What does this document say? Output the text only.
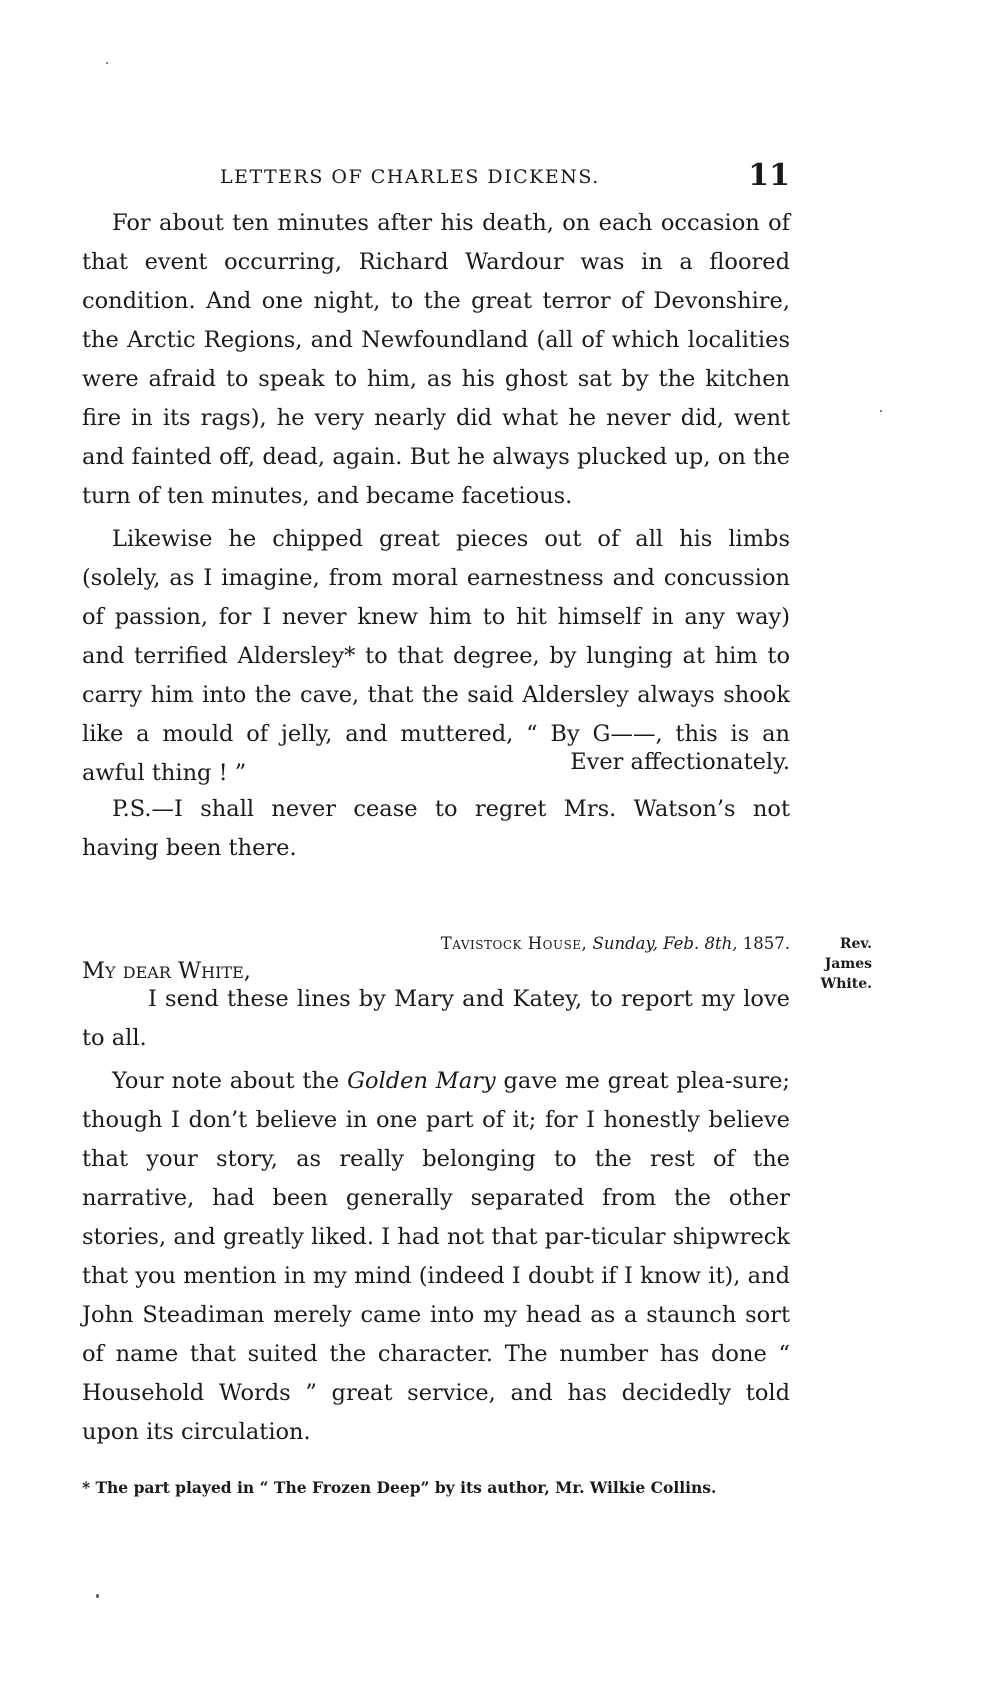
LETTERS OF CHARLES DICKENS.	11

For about ten minutes after his death, on each occasion of that event occurring, Richard Wardour was in a floored condition. And one night, to the great terror of Devonshire, the Arctic Regions, and Newfoundland (all of which localities were afraid to speak to him, as his ghost sat by the kitchen fire in its rags), he very nearly did what he never did, went and fainted off, dead, again. But he always plucked up, on the turn of ten minutes, and became facetious.

Likewise he chipped great pieces out of all his limbs (solely, as I imagine, from moral earnestness and concussion of passion, for I never knew him to hit himself in any way) and terrified Aldersley* to that degree, by lunging at him to carry him into the cave, that the said Aldersley always shook like a mould of jelly, and muttered, “ By G——, this is an awful thing ! ”	Ever affectionately.

P.S.—I shall never cease to regret Mrs. Watson’s not having been there.

Tavistock House, Sunday, Feb. 8th, 1857.	Rev.
James
White.

My dear White,

I send these lines by Mary and Katey, to report my love to all.

Your note about the Golden Mary gave me great plea-sure; though I don’t believe in one part of it; for I honestly believe that your story, as really belonging to the rest of the narrative, had been generally separated from the other stories, and greatly liked. I had not that par-ticular shipwreck that you mention in my mind (indeed I doubt if I know it), and John Steadiman merely came into my head as a staunch sort of name that suited the character. The number has done “ Household Words ” great service, and has decidedly told upon its circulation.

* The part played in “ The Frozen Deep” by its author, Mr. Wilkie Collins.
